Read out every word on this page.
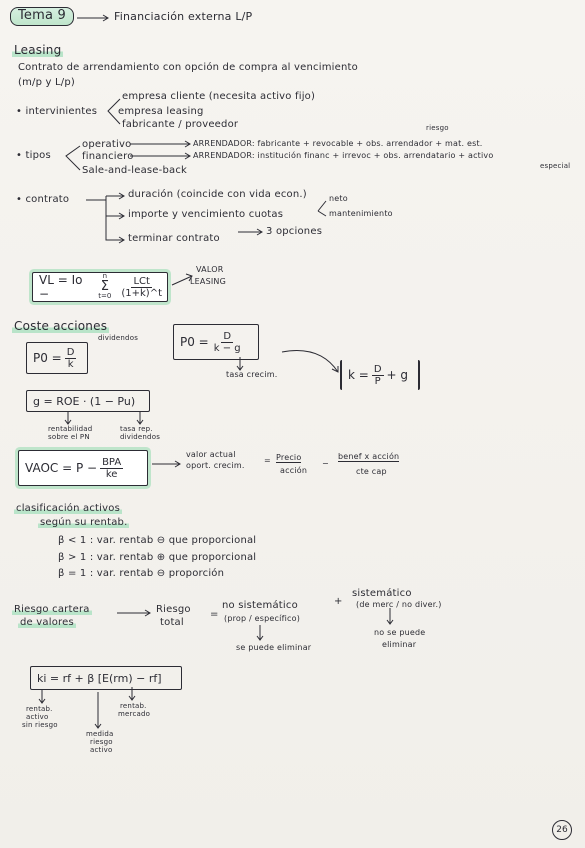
Tema 9	Financiación externa L/P
Leasing
Contrato de arrendamiento con opción de compra al vencimiento
(m/p y L/p)
• intervinientes
empresa cliente (necesita activo fijo)
empresa leasing
fabricante / proveedor
• tipos
operativo
financiero
Sale-and-lease-back
ARRENDADOR: fabricante + revocable + obs. arrendador + mat. est.
riesgo
ARRENDADOR: institución financ + irrevoc + obs. arrendatario + activo
especial
• contrato	duración (coincide con vida econ.)
importe y vencimiento cuotas
neto
mantenimiento
terminar contrato
3 opciones
VL = Io −
n
Σ
$t=0 \frac{\text{LCt}}{(1+k)\^{}t}$
VALOR
LEASING
Coste acciones
$P0 = \frac{D}{k}$
dividendos	$P0 = \frac{D}{k - g}$
tasa crecim.	$k = \frac{D}{P} + g$
g = ROE · (1 − Pu)
rentabilidad
sobre el PN
tasa rep.
dividendos
VAOC = $P - \frac{\text{BPA}}{ke}$
valor actual
oport. crecim.
= Precio
acción
−
benef x acción
cte cap
clasificación activos
según su rentab.
β < 1 : var. rentab ⊖ que proporcional
β > 1 : var. rentab ⊕ que proporcional
β = 1 : var. rentab ⊖ proporción
Riesgo cartera
de valores
Riesgo
total
=
no sistemático
(prop / específico)
+
sistemático
(de merc / no diver.)
se puede eliminar
no se puede
eliminar
ki = rf + β [E(rm) − rf]
rentab.
activo
sin riesgo
rentab.
mercado
medida
riesgo
activo
26
